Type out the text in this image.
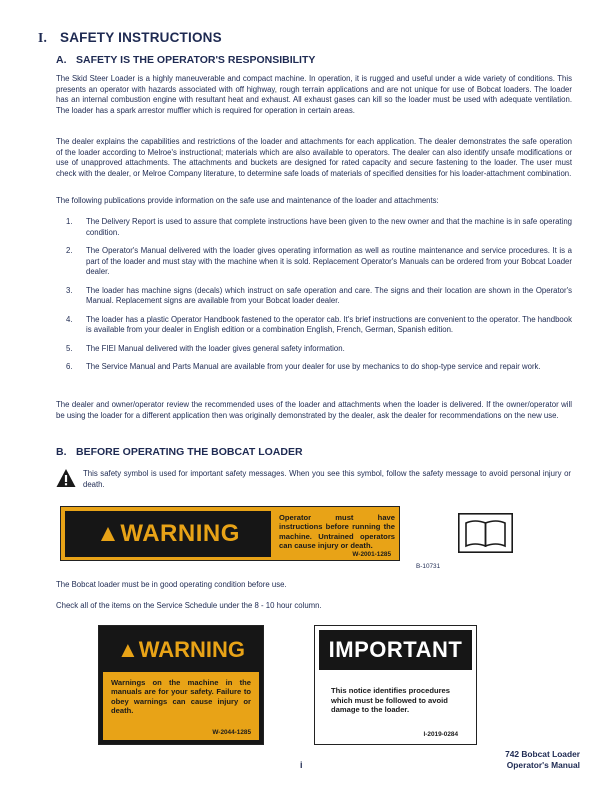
I. SAFETY INSTRUCTIONS
A. SAFETY IS THE OPERATOR'S RESPONSIBILITY
The Skid Steer Loader is a highly maneuverable and compact machine. In operation, it is rugged and useful under a wide variety of conditions. This presents an operator with hazards associated with off highway, rough terrain applications and are not unique for use of Bobcat loaders. The loader has an internal combustion engine with resultant heat and exhaust. All exhaust gases can kill so the loader must be used with adequate ventilation. The loader has a spark arrestor muffler which is required for operation in certain areas.
The dealer explains the capabilities and restrictions of the loader and attachments for each application. The dealer demonstrates the safe operation of the loader according to Melroe's instructional; materials which are also available to operators. The dealer can also identify unsafe modifications or use of unapproved attachments. The attachments and buckets are designed for rated capacity and secure fastening to the loader. The user must check with the dealer, or Melroe Company literature, to determine safe loads of materials of specified densities for his loader-attachment combination.
The following publications provide information on the safe use and maintenance of the loader and attachments:
1. The Delivery Report is used to assure that complete instructions have been given to the new owner and that the machine is in safe operating condition.
2. The Operator's Manual delivered with the loader gives operating information as well as routine maintenance and service procedures. It is a part of the loader and must stay with the machine when it is sold. Replacement Operator's Manuals can be ordered from your Bobcat Loader dealer.
3. The loader has machine signs (decals) which instruct on safe operation and care. The signs and their location are shown in the Operator's Manual. Replacement signs are available from your Bobcat loader dealer.
4. The loader has a plastic Operator Handbook fastened to the operator cab. It's brief instructions are convenient to the operator. The handbook is available from your dealer in English edition or a combination English, French, German, Spanish edition.
5. The FIEI Manual delivered with the loader gives general safety information.
6. The Service Manual and Parts Manual are available from your dealer for use by mechanics to do shop-type service and repair work.
The dealer and owner/operator review the recommended uses of the loader and attachments when the loader is delivered. If the owner/operator will be using the loader for a different application then was originally demonstrated by the dealer, ask the dealer for recommendations on the new use.
B. BEFORE OPERATING THE BOBCAT LOADER
This safety symbol is used for important safety messages. When you see this symbol, follow the safety message to avoid personal injury or death.
▲WARNING
Operator must have instructions before running the machine. Untrained operators can cause injury or death.
W-2001-1285
B-10731
The Bobcat loader must be in good operating condition before use.
Check all of the items on the Service Schedule under the 8 - 10 hour column.
▲WARNING
Warnings on the machine in the manuals are for your safety. Failure to obey warnings can cause injury or death.
W-2044-1285
IMPORTANT
This notice identifies procedures which must be followed to avoid damage to the loader.
I-2019-0284
i
742 Bobcat Loader
Operator's Manual
